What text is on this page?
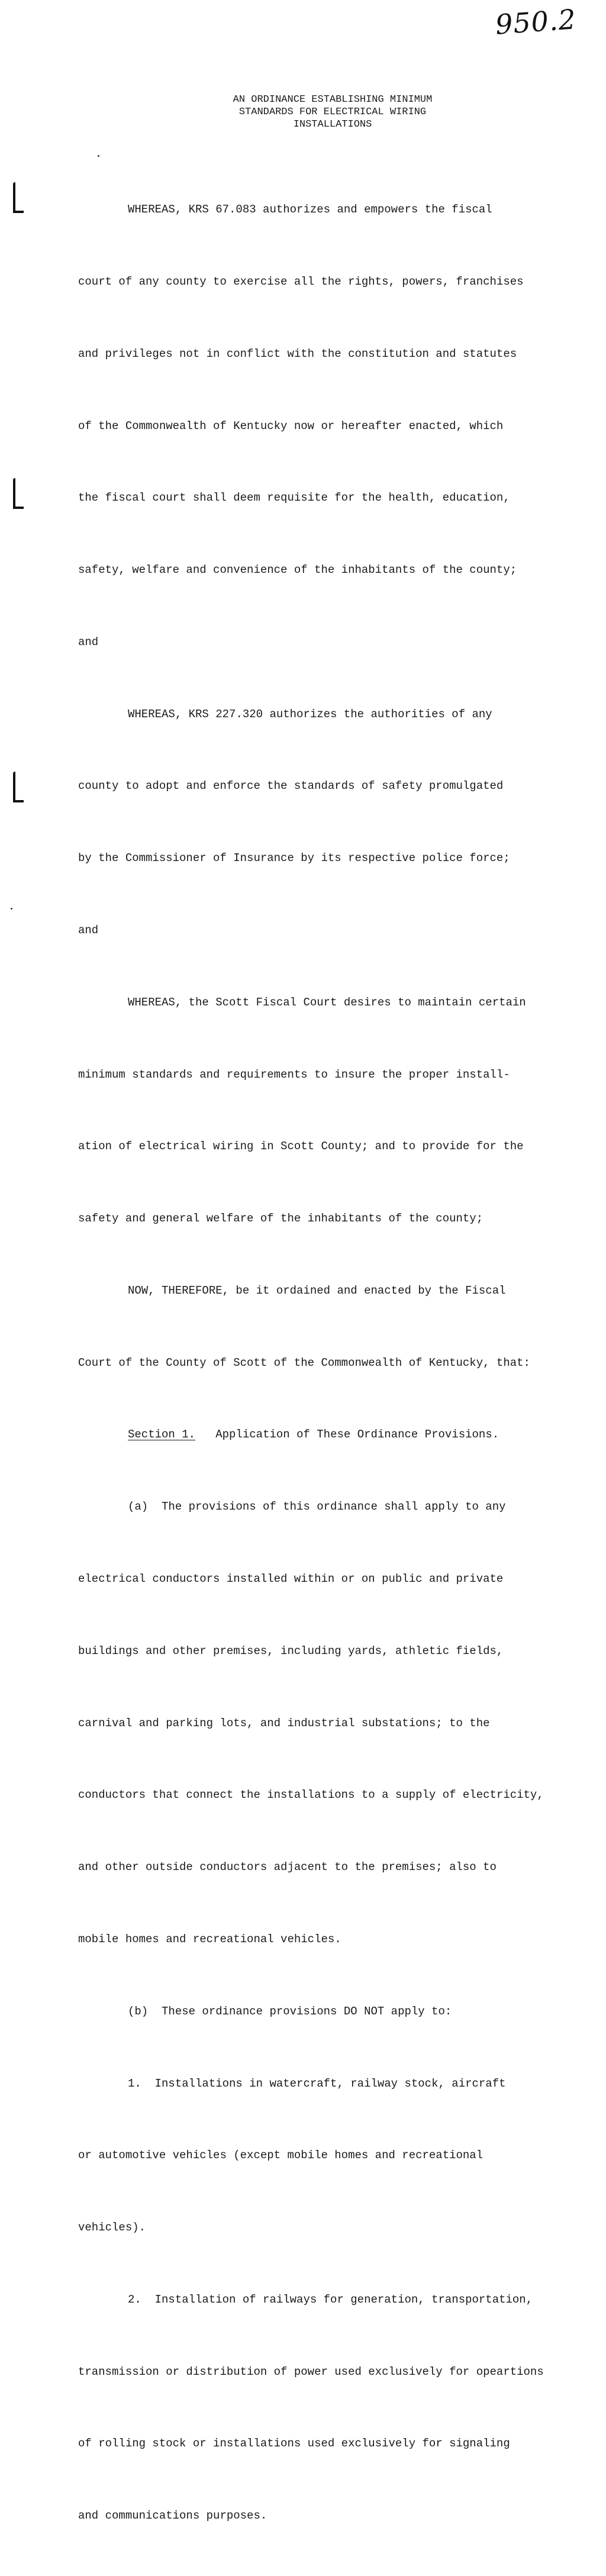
950.2
AN ORDINANCE ESTABLISHING MINIMUM
STANDARDS FOR ELECTRICAL WIRING
INSTALLATIONS

WHEREAS, KRS 67.083 authorizes and empowers the fiscal

court of any county to exercise all the rights, powers, franchises

and privileges not in conflict with the constitution and statutes

of the Commonwealth of Kentucky now or hereafter enacted, which

the fiscal court shall deem requisite for the health, education,

safety, welfare and convenience of the inhabitants of the county;

and

WHEREAS, KRS 227.320 authorizes the authorities of any

county to adopt and enforce the standards of safety promulgated

by the Commissioner of Insurance by its respective police force;

and

WHEREAS, the Scott Fiscal Court desires to maintain certain

minimum standards and requirements to insure the proper install-

ation of electrical wiring in Scott County; and to provide for the

safety and general welfare of the inhabitants of the county;

NOW, THEREFORE, be it ordained and enacted by the Fiscal

Court of the County of Scott of the Commonwealth of Kentucky, that:

Section 1. Application of These Ordinance Provisions.

(a)  The provisions of this ordinance shall apply to any

electrical conductors installed within or on public and private

buildings and other premises, including yards, athletic fields,

carnival and parking lots, and industrial substations; to the

conductors that connect the installations to a supply of electricity,

and other outside conductors adjacent to the premises; also to

mobile homes and recreational vehicles.

(b)  These ordinance provisions DO NOT apply to:

1.  Installations in watercraft, railway stock, aircraft

or automotive vehicles (except mobile homes and recreational

vehicles).

2.  Installation of railways for generation, transportation,

transmission or distribution of power used exclusively for opeartions

of rolling stock or installations used exclusively for signaling

and communications purposes.
